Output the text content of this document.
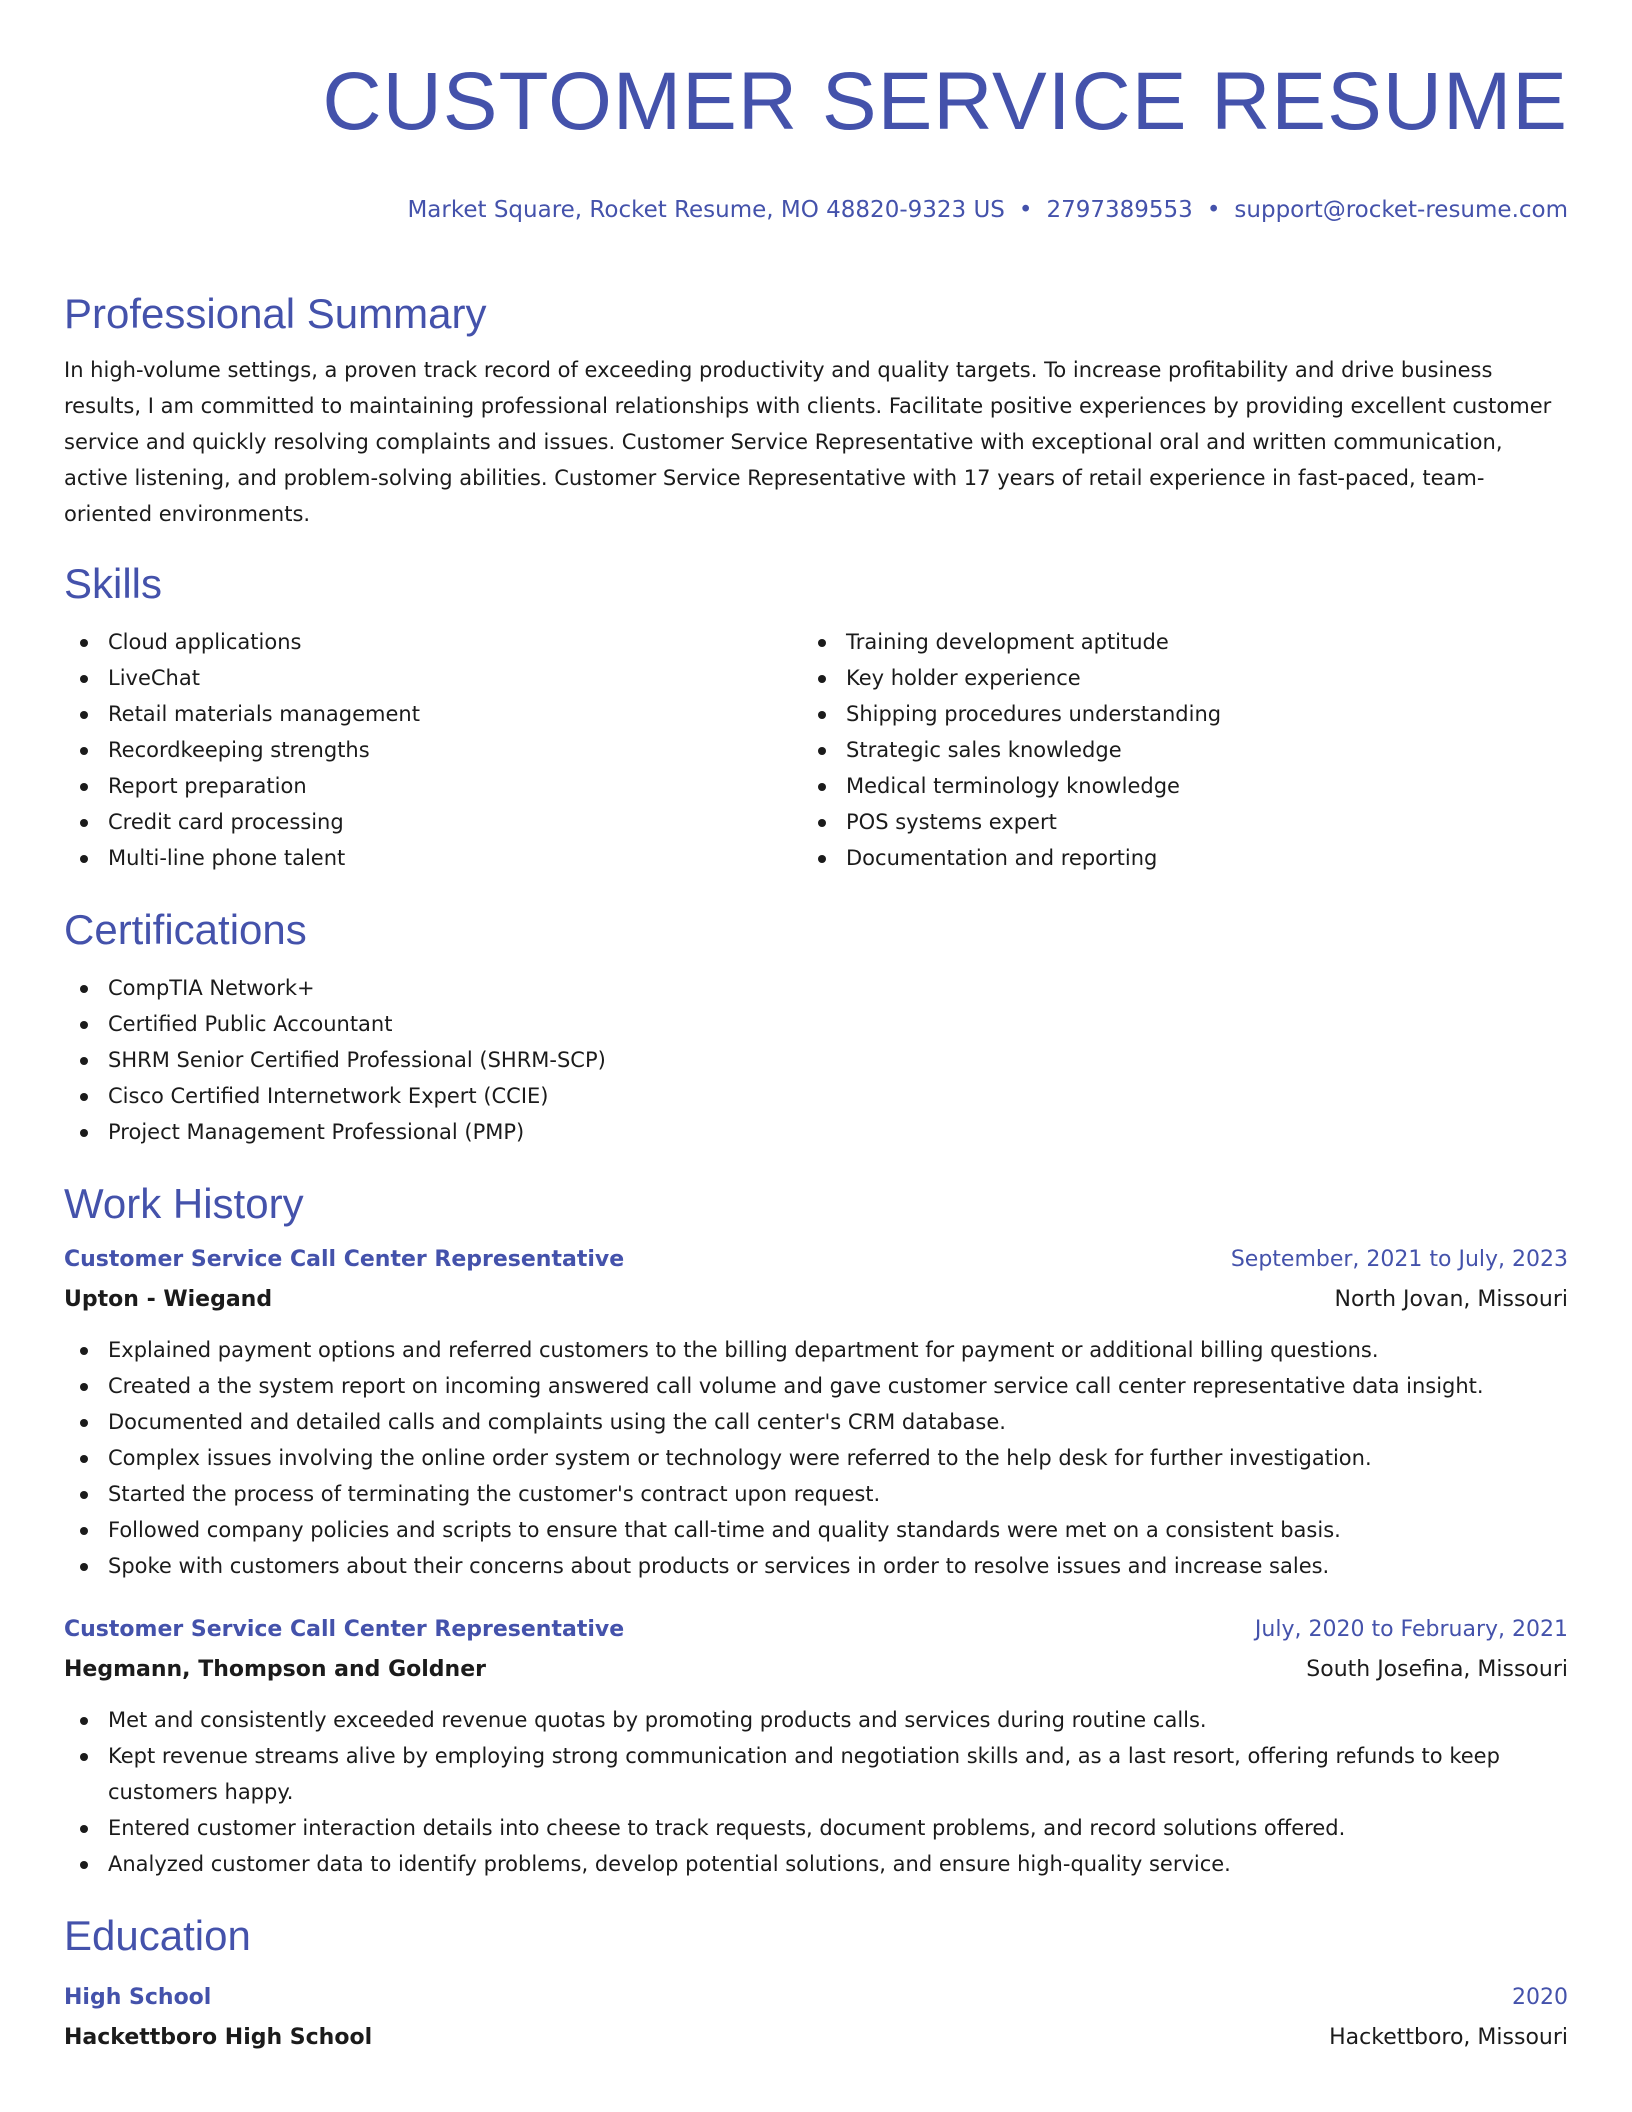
CUSTOMER SERVICE RESUME
Market Square, Rocket Resume, MO 48820-9323 US • 2797389553 • support@rocket-resume.com
Professional Summary

In high-volume settings, a proven track record of exceeding productivity and quality targets. To increase profitability and drive business results, I am committed to maintaining professional relationships with clients. Facilitate positive experiences by providing excellent customer service and quickly resolving complaints and issues. Customer Service Representative with exceptional oral and written communication, active listening, and problem-solving abilities. Customer Service Representative with 17 years of retail experience in fast-paced, team-oriented environments.

Skills
Cloud applications
LiveChat
Retail materials management
Recordkeeping strengths
Report preparation
Credit card processing
Multi-line phone talent
Training development aptitude
Key holder experience
Shipping procedures understanding
Strategic sales knowledge
Medical terminology knowledge
POS systems expert
Documentation and reporting
Certifications
CompTIA Network+
Certified Public Accountant
SHRM Senior Certified Professional (SHRM-SCP)
Cisco Certified Internetwork Expert (CCIE)
Project Management Professional (PMP)
Work History
Customer Service Call Center Representative	September, 2021 to July, 2023
Upton - Wiegand	North Jovan, Missouri
Explained payment options and referred customers to the billing department for payment or additional billing questions.
Created a the system report on incoming answered call volume and gave customer service call center representative data insight.
Documented and detailed calls and complaints using the call center's CRM database.
Complex issues involving the online order system or technology were referred to the help desk for further investigation.
Started the process of terminating the customer's contract upon request.
Followed company policies and scripts to ensure that call-time and quality standards were met on a consistent basis.
Spoke with customers about their concerns about products or services in order to resolve issues and increase sales.
Customer Service Call Center Representative	July, 2020 to February, 2021
Hegmann, Thompson and Goldner	South Josefina, Missouri
Met and consistently exceeded revenue quotas by promoting products and services during routine calls.
Kept revenue streams alive by employing strong communication and negotiation skills and, as a last resort, offering refunds to keep customers happy.
Entered customer interaction details into cheese to track requests, document problems, and record solutions offered.
Analyzed customer data to identify problems, develop potential solutions, and ensure high-quality service.
Education
High School	2020
Hackettboro High School	Hackettboro, Missouri
